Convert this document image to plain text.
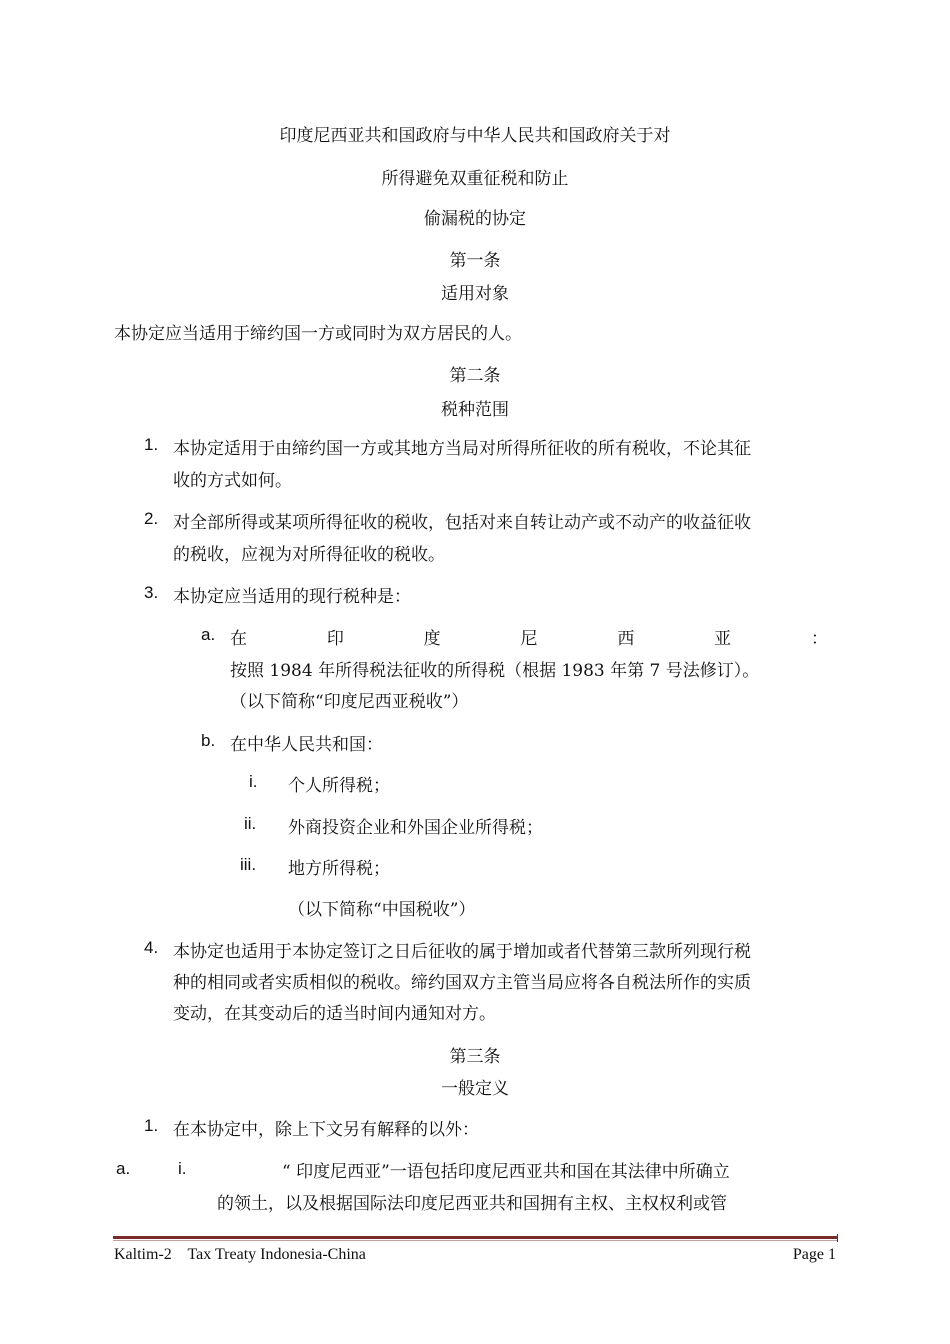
印度尼西亚共和国政府与中华人民共和国政府关于对
所得避免双重征税和防止
偷漏税的协定
第一条
适用对象
本协定应当适用于缔约国一方或同时为双方居民的人。
第二条
税种范围
1. 本协定适用于由缔约国一方或其地方当局对所得所征收的所有税收，不论其征
收的方式如何。
2. 对全部所得或某项所得征收的税收，包括对来自转让动产或不动产的收益征收
的税收，应视为对所得征收的税收。
3. 本协定应当适用的现行税种是：
a. 在	印	度	尼	西	亚	：
按照 1984 年所得税法征收的所得税（根据 1983 年第 7 号法修订）。
（以下简称“印度尼西亚税收”）
b. 在中华人民共和国：
i. 个人所得税；
ii. 外商投资企业和外国企业所得税；
iii. 地方所得税；
（以下简称“中国税收”）
4. 本协定也适用于本协定签订之日后征收的属于增加或者代替第三款所列现行税
种的相同或者实质相似的税收。缔约国双方主管当局应将各自税法所作的实质
变动，在其变动后的适当时间内通知对方。
第三条
一般定义
1. 在本协定中，除上下文另有解释的以外：
a.	i.	“ 印度尼西亚”一语包括印度尼西亚共和国在其法律中所确立
的领土，以及根据国际法印度尼西亚共和国拥有主权、主权权利或管
Kaltim-2    Tax Treaty Indonesia-China	Page 1
